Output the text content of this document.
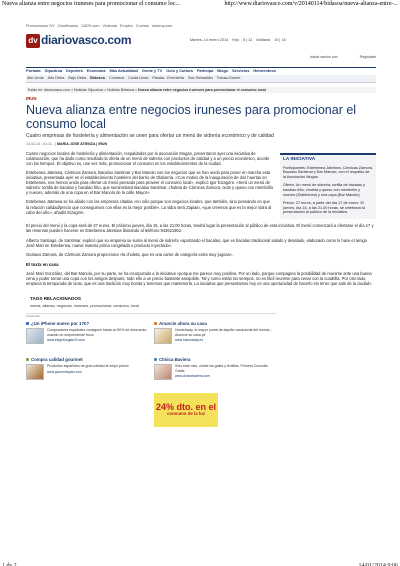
Nueva alianza entre negocios iruneses para promocionar el consumo loc...	http://www.diariovasco.com/v/20140114/bidasoa/nueva-alianza-entre-...
Promociones DV Clasificados 11870.com Vivienda Empleo Coches miarroy.com
dv diariovasco.com	Martes, 14 enero 2014 Hoy 5 | 12 Mañana 10 | 16
Iniciar sesión con	Registrate
Portada Gipuzkoa Deportes Economía Más Actualidad Gente y TV Ocio y Cultura Participa Blogs Servicios Hemeroteca
Alto Urola Alto Deba Bajo Deba Bidasoa Comarca Costa Urola Pasaia - Errenteria San Sebastián Tolosa-Goierri
Estás en: diariovasco.com > Noticias Gipuzkoa > Noticias Bidasoa > Nueva alianza entre negocios iruneses para promocionar el consumo local
IRUN
Nueva alianza entre negocios iruneses para promocionar el consumo local
Cuatro empresas de hostelería y alimentación se unen para ofertar un menú de sidrería económico y de calidad
14.01.14 - 01:11 - | MARIA JOSE ATIENZA | IRUN

Cuatro negocios locales de hostelería y alimentación, respaldados por la asociación Mugan, presentaron ayer una iniciativa de colaboración, que ha dado como resultado la oferta de un menú de sidrería con productos de calidad y a un precio económico, acorde con los tiempos. El objetivo es, une vez más, promocionar el consumo en los establecimientos de la ciudad.

Estebenea Jatetxea, Cárnicas Zamora, Bacalao Santimar y Bar Manolo son los negocios que se han unido para poner en marcha esta iniciativa, presentada ayer en el establecimiento hostelero del barrio de Olaberria. «Con motivo de la inauguración de dos huertas en Estebenea, nos hemos unido para ofertar un menú pensado para proveer el consumo local», explicó Igor Eizagirre. «Será un menú de sidrería: tortilla de bacalao y bacalao frito, que suministrará Bacalao Santimar, chuleta de Cárnicas Zamora, txotx y queso con membrillo y nueces, además de una copa en el Bar Manolo de la calle Mayor».

Estebenea Jatetxea se ha aliado con las empresas citadas «no sólo porque son negocios locales, que también, sino pensando en que la relación calidad/precio que conseguimos con ellas es la mejor posible». La sidra será Zapiain, «que creemos que es la mejor sidra al cabo del año», añadió Eizagirre.

LA INICIATIVA

Participantes: Estebenea Jatetxea, Cárnicas Zamora, Bacalao Santimar y Bar Manolo, con el respaldo de la Asociación Mugan.

Oferta: Un menú de sidrería, tortilla de bacalao y bacalao frito, chuleta y queso con membrillo y nueces (Estebenea) y una copa (Bar Manolo).

Precio: 27 euros, a partir del día 17 de enero. El jueves, día 16, a las 21.00 horas, se celebrará la presentación al público de la iniciativa.

El precio del menú y la copa será de 27 euros. El próximo jueves, día 16, a las 21:00 horas, tendrá lugar la presentación al público de esta iniciativa. El menú comenzará a ofertarse el día 17 y las reservas pueden hacerse en Estebenea Jatetxea llamando al teléfono 943621962.

Alberto Santiago, de Santimar, explicó que su empresa se suma al menú de sidrería «aportando el bacalao, que es bacalao tradicional salado y desalado, elaborado como lo hace el amigo José Mari en Estebenea, nueva materia prima congelada o producto inyectado».

Gustavo Zamora, de Cárnicas Zamora proporciona «la chuleta, que es una carne de categoría extra muy jugosa».

El toxtx en casa

José Mari González, del Bar Manolo, por su parte, se ha incorporado a la iniciativa «porque me parece muy positiva. Por un lado, porque compagina la posibilidad de reunirse ante una buena cena y poder tomar una copa con los amigos después, todo ello a un precio bastante asequible. Tal y como están los tiempos, no es fácil reunirse para cenar con la cuadrilla. Por otro lado, empieza la temporada de txotx, que es una tradición muy bonita y tenemos que mantenerla. La iniciativa que presentamos hoy es una oportunidad de hacerlo sin tener que salir de la ciudad».

TAGS RELACIONADOS
nueva, alianza, negocios, iruneses, promocionar, consumo, local
Publicidad
¿Un iPhone nuevo por 17€?
Compradores españoles consiguen hasta un 80% de descuento usando un sorprendente truco
www.elegeburgate24.com
Anuncie ahora su casa
HomeAway, el mayor portal de alquiler vacacional del mundo - Anuncie su casa ya
www.homeaway.es
Compra calidad gourmet
Productos españoles de gran calidad al mejor precio
www.gourmetspain.com
Clínica Baviera
Sólo este mes, olvida las gafas y lentillas. Primera Consulta Gratis.
www.clinicabaviera.com
24% dto. en el
consumo de la luz
1 de 2	14/01/2014 9:06
